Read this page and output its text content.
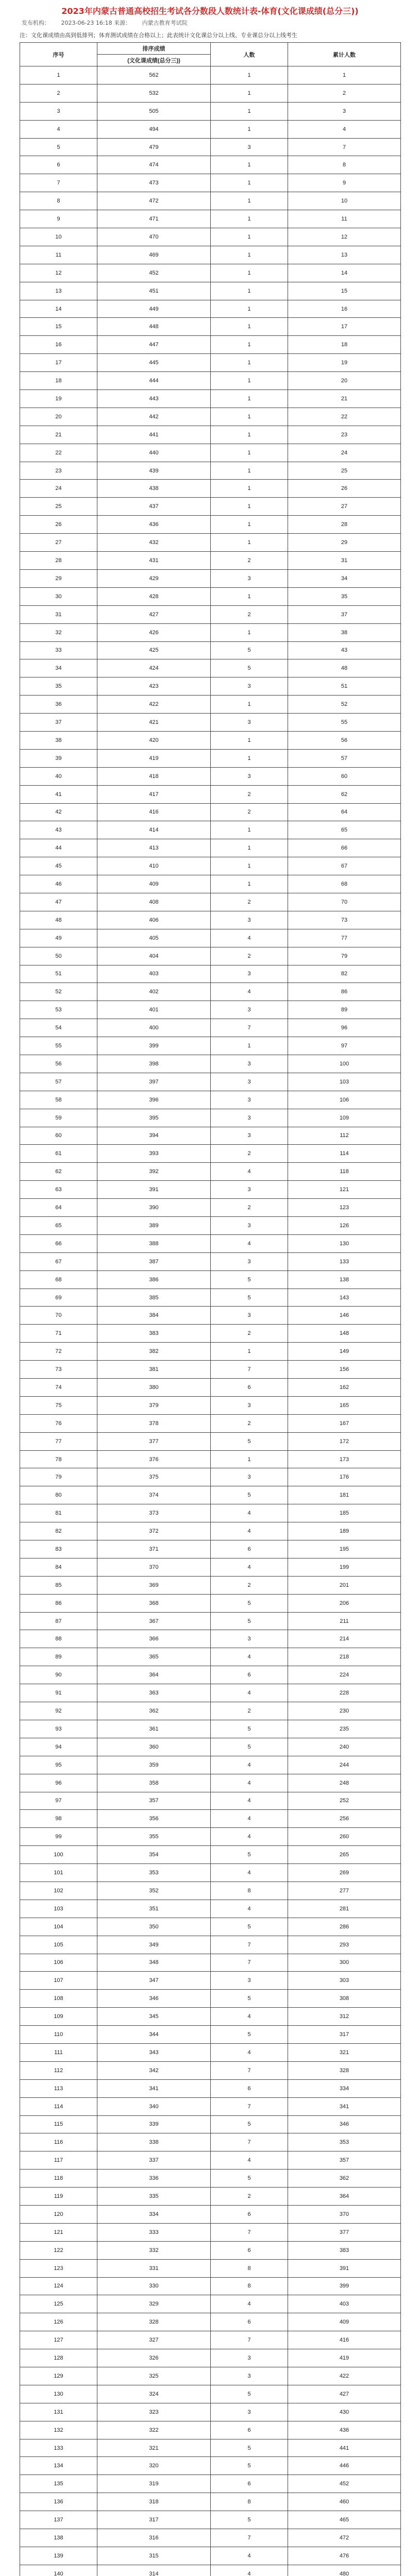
2023年内蒙古普通高校招生考试各分数段人数统计表-体育(文化课成绩(总分三))
发布机构： 2023-06-23 16:18 来源： 内蒙古教育考试院
注：文化课成绩由高到低排列；体育测试成绩在合格以上；此表统计文化课总分以上线、专业课总分以上线考生
序号	排序成绩	人数	累计人数
	(文化课成绩(总分三))		
1	562	1	1
2	532	1	2
3	505	1	3
4	494	1	4
5	479	3	7
6	474	1	8
7	473	1	9
8	472	1	10
9	471	1	11
10	470	1	12
11	469	1	13
12	452	1	14
13	451	1	15
14	449	1	16
15	448	1	17
16	447	1	18
17	445	1	19
18	444	1	20
19	443	1	21
20	442	1	22
21	441	1	23
22	440	1	24
23	439	1	25
24	438	1	26
25	437	1	27
26	436	1	28
27	432	1	29
28	431	2	31
29	429	3	34
30	428	1	35
31	427	2	37
32	426	1	38
33	425	5	43
34	424	5	48
35	423	3	51
36	422	1	52
37	421	3	55
38	420	1	56
39	419	1	57
40	418	3	60
41	417	2	62
42	416	2	64
43	414	1	65
44	413	1	66
45	410	1	67
46	409	1	68
47	408	2	70
48	406	3	73
49	405	4	77
50	404	2	79
51	403	3	82
52	402	4	86
53	401	3	89
54	400	7	96
55	399	1	97
56	398	3	100
57	397	3	103
58	396	3	106
59	395	3	109
60	394	3	112
61	393	2	114
62	392	4	118
63	391	3	121
64	390	2	123
65	389	3	126
66	388	4	130
67	387	3	133
68	386	5	138
69	385	5	143
70	384	3	146
71	383	2	148
72	382	1	149
73	381	7	156
74	380	6	162
75	379	3	165
76	378	2	167
77	377	5	172
78	376	1	173
79	375	3	176
80	374	5	181
81	373	4	185
82	372	4	189
83	371	6	195
84	370	4	199
85	369	2	201
86	368	5	206
87	367	5	211
88	366	3	214
89	365	4	218
90	364	6	224
91	363	4	228
92	362	2	230
93	361	5	235
94	360	5	240
95	359	4	244
96	358	4	248
97	357	4	252
98	356	4	256
99	355	4	260
100	354	5	265
101	353	4	269
102	352	8	277
103	351	4	281
104	350	5	286
105	349	7	293
106	348	7	300
107	347	3	303
108	346	5	308
109	345	4	312
110	344	5	317
111	343	4	321
112	342	7	328
113	341	6	334
114	340	7	341
115	339	5	346
116	338	7	353
117	337	4	357
118	336	5	362
119	335	2	364
120	334	6	370
121	333	7	377
122	332	6	383
123	331	8	391
124	330	8	399
125	329	4	403
126	328	6	409
127	327	7	416
128	326	3	419
129	325	3	422
130	324	5	427
131	323	3	430
132	322	6	436
133	321	5	441
134	320	5	446
135	319	6	452
136	318	8	460
137	317	5	465
138	316	7	472
139	315	4	476
140	314	4	480
